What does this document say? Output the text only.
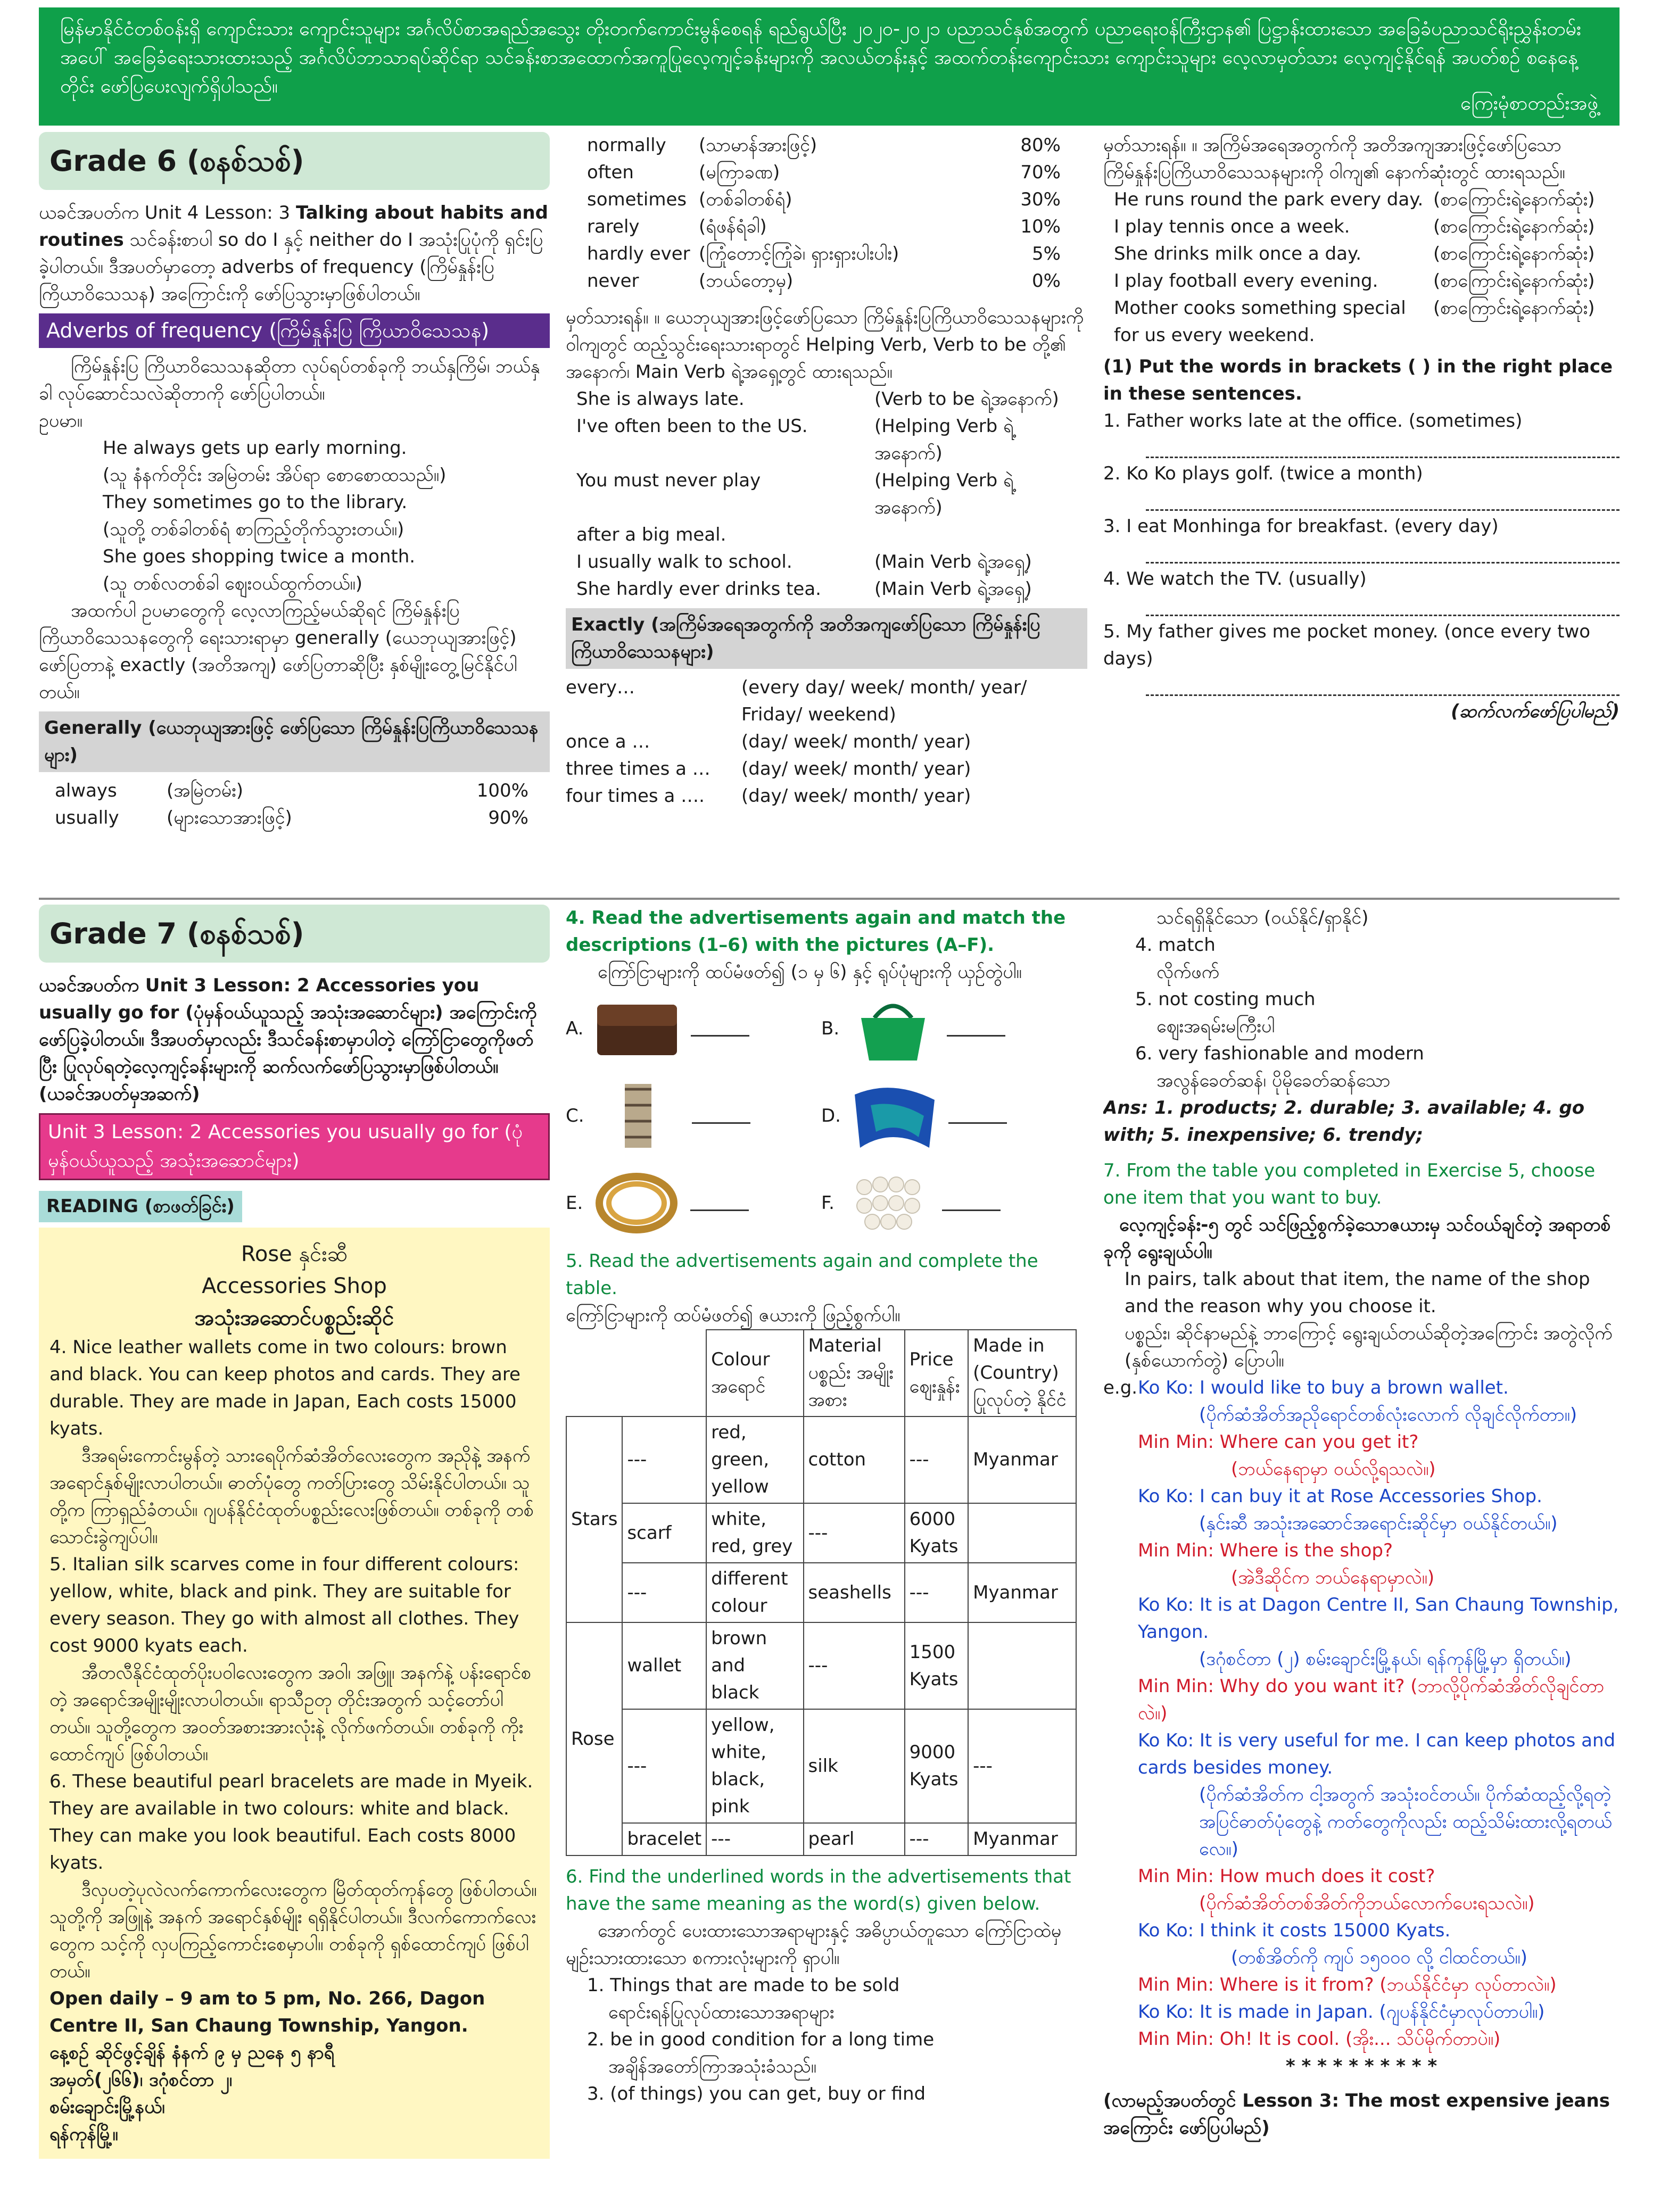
မြန်မာနိုင်ငံတစ်ဝန်းရှိ ကျောင်းသား ကျောင်းသူများ အင်္ဂလိပ်စာအရည်အသွေး တိုးတက်ကောင်းမွန်စေရန် ရည်ရွယ်ပြီး ၂၀၂၀-၂၀၂၁ ပညာသင်နှစ်အတွက် ပညာရေးဝန်ကြီးဌာန၏ ပြဋ္ဌာန်းထားသော အခြေခံပညာသင်ရိုးညွှန်းတမ်းအပေါ် အခြေခံရေးသားထားသည့် အင်္ဂလိပ်ဘာသာရပ်ဆိုင်ရာ သင်ခန်းစာအထောက်အကူပြုလေ့ကျင့်ခန်းများကို အလယ်တန်းနှင့် အထက်တန်းကျောင်းသား ကျောင်းသူများ လေ့လာမှတ်သား လေ့ကျင့်နိုင်ရန် အပတ်စဉ် စနေနေ့တိုင်း ဖော်ပြပေးလျက်ရှိပါသည်။
ကြေးမုံစာတည်းအဖွဲ့
Grade 6 (စနစ်သစ်)
ယခင်အပတ်က Unit 4 Lesson: 3 Talking about habits and routines သင်ခန်းစာပါ so do I နှင့် neither do I အသုံးပြုပုံကို ရှင်းပြခဲ့ပါတယ်။ ဒီအပတ်မှာတော့ adverbs of frequency (ကြိမ်နှုန်းပြ ကြိယာဝိသေသန) အကြောင်းကို ဖော်ပြသွားမှာဖြစ်ပါတယ်။
Adverbs of frequency (ကြိမ်နှုန်းပြ ကြိယာဝိသေသန)
ကြိမ်နှုန်းပြ ကြိယာဝိသေသနဆိုတာ လုပ်ရပ်တစ်ခုကို ဘယ်နှကြိမ်၊ ဘယ်နှခါ လုပ်ဆောင်သလဲဆိုတာကို ဖော်ပြပါတယ်။
ဥပမာ။
He always gets up early morning.
(သူ နံနက်တိုင်း အမြဲတမ်း အိပ်ရာ စောစောထသည်။)
They sometimes go to the library.
(သူတို့ တစ်ခါတစ်ရံ စာကြည့်တိုက်သွားတယ်။)
She goes shopping twice a month.
(သူ တစ်လတစ်ခါ ဈေးဝယ်ထွက်တယ်။)
အထက်ပါ ဥပမာတွေကို လေ့လာကြည့်မယ်ဆိုရင် ကြိမ်နှုန်းပြ ကြိယာဝိသေသနတွေကို ရေးသားရာမှာ generally (ယေဘုယျအားဖြင့်) ဖော်ပြတာနဲ့ exactly (အတိအကျ) ဖော်ပြတာဆိုပြီး နှစ်မျိုးတွေ့မြင်နိုင်ပါတယ်။
Generally (ယေဘုယျအားဖြင့် ဖော်ပြသော ကြိမ်နှုန်းပြကြိယာဝိသေသနများ)
always	(အမြဲတမ်း)	100%
usually	(များသောအားဖြင့်)	90%
normally	(သာမာန်အားဖြင့်)	80%
often	(မကြာခဏ)	70%
sometimes (တစ်ခါတစ်ရံ)	30%
rarely	(ရံဖန်ရံခါ)	10%
hardly ever (ကြုံတောင့်ကြုံခဲ၊ ရှားရှားပါးပါး)	5%
never	(ဘယ်တော့မှ)	0%
မှတ်သားရန်။ ။ ယေဘုယျအားဖြင့်ဖော်ပြသော ကြိမ်နှုန်းပြကြိယာဝိသေသနများကို ဝါကျတွင် ထည့်သွင်းရေးသားရာတွင် Helping Verb, Verb to be တို့၏ အနောက်၊ Main Verb ရဲ့အရှေ့တွင် ထားရသည်။
She is always late.	(Verb to be ရဲ့အနောက်)
I've often been to the US.	(Helping Verb ရဲ့အနောက်)
You must never play	(Helping Verb ရဲ့အနောက်)
after a big meal.
I usually walk to school.	(Main Verb ရဲ့အရှေ့)
She hardly ever drinks tea.	(Main Verb ရဲ့အရှေ့)
Exactly (အကြိမ်အရေအတွက်ကို အတိအကျဖော်ပြသော ကြိမ်နှုန်းပြကြိယာဝိသေသနများ)
every…	(every day/ week/ month/ year/ Friday/ weekend)
once a …	(day/ week/ month/ year)
three times a …	(day/ week/ month/ year)
four times a ….	(day/ week/ month/ year)
မှတ်သားရန်။ ။ အကြိမ်အရေအတွက်ကို အတိအကျအားဖြင့်ဖော်ပြသော ကြိမ်နှုန်းပြကြိယာဝိသေသနများကို ဝါကျ၏ နောက်ဆုံးတွင် ထားရသည်။
He runs round the park every day. (စာကြောင်းရဲ့နောက်ဆုံး)
I play tennis once a week.	(စာကြောင်းရဲ့နောက်ဆုံး)
She drinks milk once a day.	(စာကြောင်းရဲ့နောက်ဆုံး)
I play football every evening.	(စာကြောင်းရဲ့နောက်ဆုံး)
Mother cooks something special for us every weekend.
(စာကြောင်းရဲ့နောက်ဆုံး)
(1) Put the words in brackets ( ) in the right place in these sentences.
1. Father works late at the office. (sometimes)
2. Ko Ko plays golf. (twice a month)
3. I eat Monhinga for breakfast. (every day)
4. We watch the TV. (usually)
5. My father gives me pocket money. (once every two days)
(ဆက်လက်ဖော်ပြပါမည်)
Grade 7 (စနစ်သစ်)
ယခင်အပတ်က Unit 3 Lesson: 2 Accessories you usually go for (ပုံမှန်ဝယ်ယူသည့် အသုံးအဆောင်များ) အကြောင်းကို ဖော်ပြခဲ့ပါတယ်။ ဒီအပတ်မှာလည်း ဒီသင်ခန်းစာမှာပါတဲ့ ကြော်ငြာတွေကိုဖတ်ပြီး ပြုလုပ်ရတဲ့လေ့ကျင့်ခန်းများကို ဆက်လက်ဖော်ပြသွားမှာဖြစ်ပါတယ်။ (ယခင်အပတ်မှအဆက်)
Unit 3 Lesson: 2 Accessories you usually go for (ပုံမှန်ဝယ်ယူသည့် အသုံးအဆောင်များ)
READING (စာဖတ်ခြင်း)
Rose နှင်းဆီ
Accessories Shop
အသုံးအဆောင်ပစ္စည်းဆိုင်
4. Nice leather wallets come in two colours: brown and black. You can keep photos and cards. They are durable. They are made in Japan, Each costs 15000 kyats.
ဒီအရမ်းကောင်းမွန်တဲ့ သားရေပိုက်ဆံအိတ်လေးတွေက အညိုနဲ့ အနက် အရောင်နှစ်မျိုးလာပါတယ်။ ဓာတ်ပုံတွေ ကတ်ပြားတွေ သိမ်းနိုင်ပါတယ်။ သူတို့က ကြာရှည်ခံတယ်။ ဂျပန်နိုင်ငံထုတ်ပစ္စည်းလေးဖြစ်တယ်။ တစ်ခုကို တစ်သောင်းခွဲကျပ်ပါ။
5. Italian silk scarves come in four different colours: yellow, white, black and pink. They are suitable for every season. They go with almost all clothes. They cost 9000 kyats each.
အီတလီနိုင်ငံထုတ်ပိုးပဝါလေးတွေက အဝါ၊ အဖြူ၊ အနက်နဲ့ ပန်းရောင်စတဲ့ အရောင်အမျိုးမျိုးလာပါတယ်။ ရာသီဥတု တိုင်းအတွက် သင့်တော်ပါတယ်။ သူတို့တွေက အဝတ်အစားအားလုံးနဲ့ လိုက်ဖက်တယ်။ တစ်ခုကို ကိုးထောင်ကျပ် ဖြစ်ပါတယ်။
6. These beautiful pearl bracelets are made in Myeik. They are available in two colours: white and black. They can make you look beautiful. Each costs 8000 kyats.
ဒီလှပတဲ့ပုလဲလက်ကောက်လေးတွေက မြိတ်ထုတ်ကုန်တွေ ဖြစ်ပါတယ်။ သူတို့ကို အဖြူနဲ့ အနက် အရောင်နှစ်မျိုး ရရှိနိုင်ပါတယ်။ ဒီလက်ကောက်လေးတွေက သင့်ကို လှပကြည့်ကောင်းစေမှာပါ။ တစ်ခုကို ရှစ်ထောင်ကျပ် ဖြစ်ပါတယ်။
Open daily – 9 am to 5 pm, No. 266, Dagon Centre II, San Chaung Township, Yangon.
နေ့စဉ် ဆိုင်ဖွင့်ချိန် နံနက် ၉ မှ ညနေ ၅ နာရီ
အမှတ်(၂၆၆)၊ ဒဂုံစင်တာ ၂၊
စမ်းချောင်းမြို့နယ်၊
ရန်ကုန်မြို့။
4. Read the advertisements again and match the descriptions (1–6) with the pictures (A–F).
ကြော်ငြာများကို ထပ်မံဖတ်၍ (၁ မှ ၆) နှင့် ရုပ်ပုံများကို ယှဉ်တွဲပါ။
A.	B.
C.	D.
E.	F.
5. Read the advertisements again and complete the table.
ကြော်ငြာများကို ထပ်မံဖတ်၍ ဇယားကို ဖြည့်စွက်ပါ။
		Colour အရောင်	Material ပစ္စည်း အမျိုးအစား	Price ဈေးနှုန်း	Made in (Country) ပြုလုပ်တဲ့ နိုင်ငံ
Stars	---	red, green, yellow	cotton	---	Myanmar
	scarf	white, red, grey	---	6000 Kyats	
	---	different colour	seashells	---	Myanmar
Rose	wallet	brown and black	---	1500 Kyats	
	---	yellow, white, black, pink	silk	9000 Kyats	---
	bracelet	---	pearl	---	Myanmar
6. Find the underlined words in the advertisements that have the same meaning as the word(s) given below.
အောက်တွင် ပေးထားသောအရာများနှင့် အဓိပ္ပာယ်တူသော ကြော်ငြာထဲမှ မျဉ်းသားထားသော စကားလုံးများကို ရှာပါ။
1. Things that are made to be sold
ရောင်းရန်ပြုလုပ်ထားသောအရာများ
2. be in good condition for a long time
အချိန်အတော်ကြာအသုံးခံသည်။
3. (of things) you can get, buy or find
သင်ရရှိနိုင်သော (ဝယ်နိုင်/ရှာနိုင်)
4. match
လိုက်ဖက်
5. not costing much
ဈေးအရမ်းမကြီးပါ
6. very fashionable and modern
အလွန်ခေတ်ဆန်၊ ပိုမိုခေတ်ဆန်သော
Ans: 1. products; 2. durable; 3. available; 4. go with; 5. inexpensive; 6. trendy;
7. From the table you completed in Exercise 5, choose one item that you want to buy.
လေ့ကျင့်ခန်း-၅ တွင် သင်ဖြည့်စွက်ခဲ့သောဇယားမှ သင်ဝယ်ချင်တဲ့ အရာတစ်ခုကို ရွေးချယ်ပါ။
In pairs, talk about that item, the name of the shop and the reason why you choose it.
ပစ္စည်း၊ ဆိုင်နာမည်နဲ့ ဘာကြောင့် ရွေးချယ်တယ်ဆိုတဲ့အကြောင်း အတွဲလိုက် (နှစ်ယောက်တွဲ) ပြောပါ။
e.g. Ko Ko: I would like to buy a brown wallet.
(ပိုက်ဆံအိတ်အညိုရောင်တစ်လုံးလောက် လိုချင်လိုက်တာ။)
Min Min: Where can you get it?
(ဘယ်နေရာမှာ ဝယ်လို့ရသလဲ။)
Ko Ko: I can buy it at Rose Accessories Shop.
(နှင်းဆီ အသုံးအဆောင်အရောင်းဆိုင်မှာ ဝယ်နိုင်တယ်။)
Min Min: Where is the shop?
(အဲဒီဆိုင်က ဘယ်နေရာမှာလဲ။)
Ko Ko: It is at Dagon Centre II, San Chaung Township, Yangon.
(ဒဂုံစင်တာ (၂) စမ်းချောင်းမြို့နယ်၊ ရန်ကုန်မြို့မှာ ရှိတယ်။)
Min Min: Why do you want it? (ဘာလို့ပိုက်ဆံအိတ်လိုချင်တာလဲ။)
Ko Ko: It is very useful for me. I can keep photos and cards besides money.
(ပိုက်ဆံအိတ်က ငါ့အတွက် အသုံးဝင်တယ်။ ပိုက်ဆံထည့်လို့ရတဲ့အပြင်ဓာတ်ပုံတွေနဲ့ ကတ်တွေကိုလည်း ထည့်သိမ်းထားလို့ရတယ်လေ။)
Min Min: How much does it cost?
(ပိုက်ဆံအိတ်တစ်အိတ်ကိုဘယ်လောက်ပေးရသလဲ။)
Ko Ko: I think it costs 15000 Kyats.
(တစ်အိတ်ကို ကျပ် ၁၅၀၀၀ လို့ ငါထင်တယ်။)
Min Min: Where is it from? (ဘယ်နိုင်ငံမှာ လုပ်တာလဲ။)
Ko Ko: It is made in Japan. (ဂျပန်နိုင်ငံမှာလုပ်တာပါ။)
Min Min: Oh! It is cool. (အိုး... သိပ်မိုက်တာပဲ။)
* * * * * * * * * *
(လာမည့်အပတ်တွင် Lesson 3: The most expensive jeans အကြောင်း ဖော်ပြပါမည်)
